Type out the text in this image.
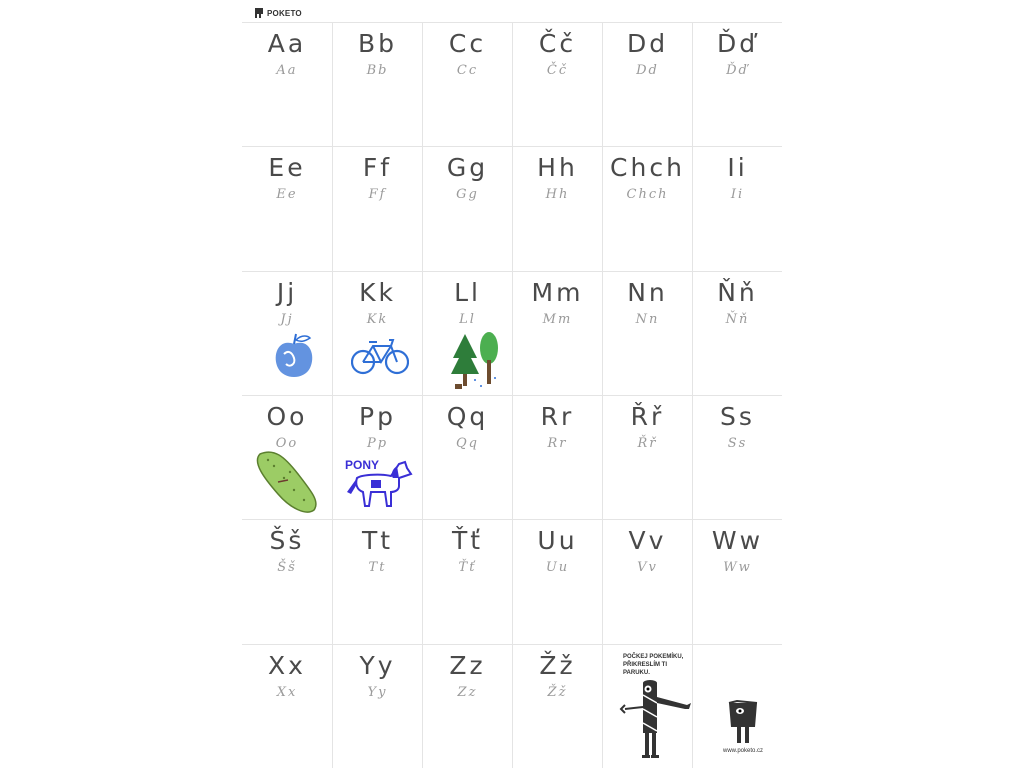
POKETO
Aa
Aa
Bb
Bb
Cc
Cc
Čč
Čč
Dd
Dd
Ďď
Ďď
Ee
Ee
Ff
Ff
Gg
Gg
Hh
Hh
Chch
Chch
Ii
Ii
Jj
Jj
Kk
Kk
Ll
Ll
Mm
Mm
Nn
Nn
Ňň
Ňň
Oo
Oo
Pp
Pp
PONY
Qq
Qq
Rr
Rr
Řř
Řř
Ss
Ss
Šš
Šš
Tt
Tt
Ťť
Ťť
Uu
Uu
Vv
Vv
Ww
Ww
Xx
Xx
Yy
Yy
Zz
Zz
Žž
Žž
POČKEJ POKEMÍKU,
PŘIKRESLÍM TI PARUKU.
www.poketo.cz
